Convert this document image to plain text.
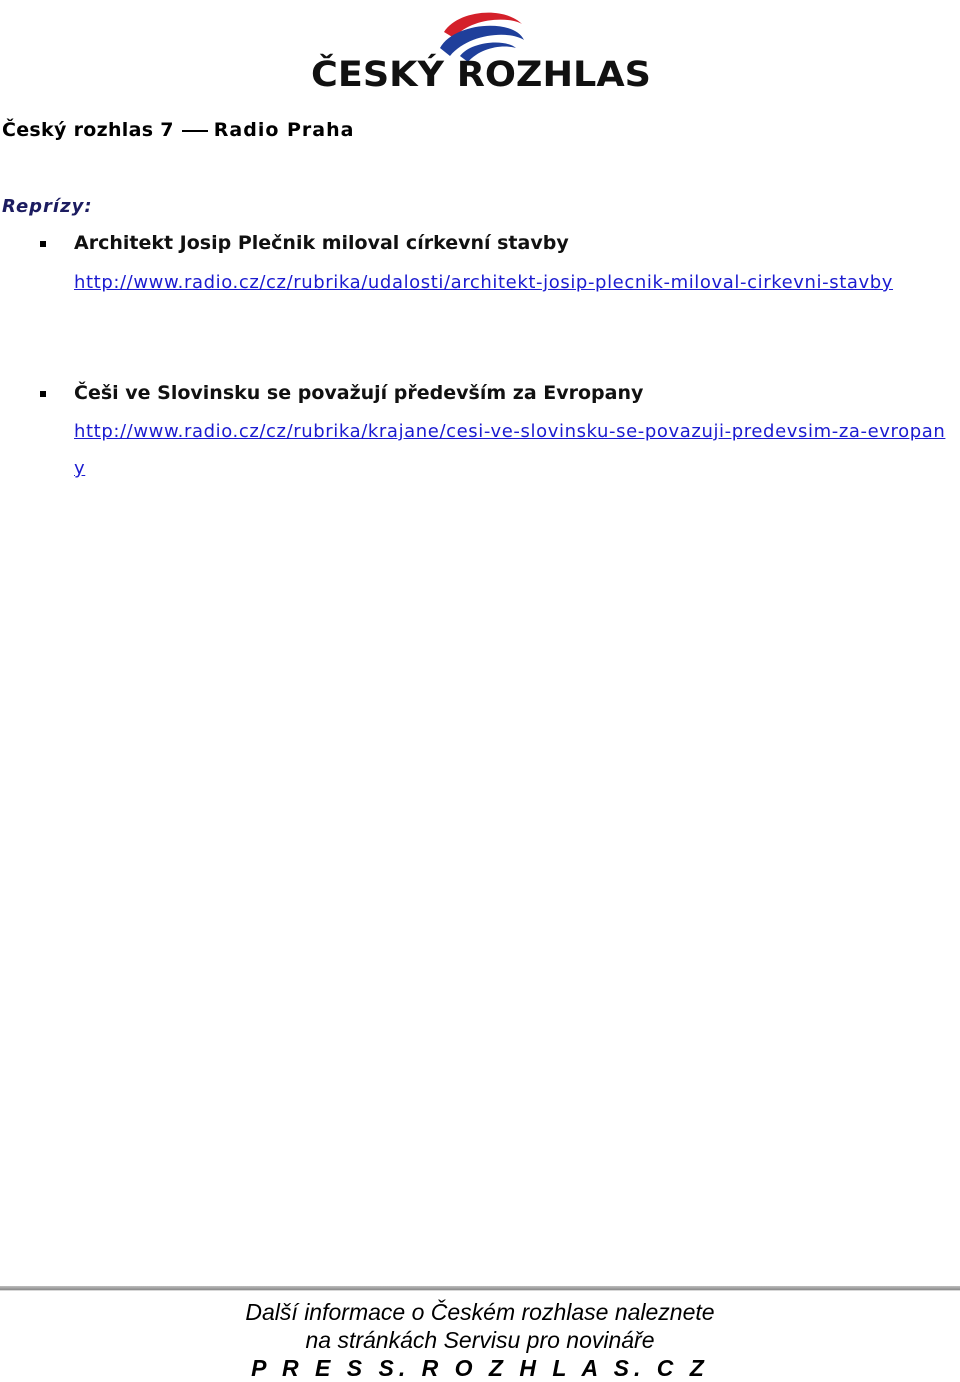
ČESKÝ ROZHLAS
Český rozhlas 7 Radio Praha
Reprízy:
Architekt Josip Plečnik miloval církevní stavby
http://www.radio.cz/cz/rubrika/udalosti/architekt-josip-plecnik-miloval-cirkevni-stavby
Češi ve Slovinsku se považují především za Evropany
http://www.radio.cz/cz/rubrika/krajane/cesi-ve-slovinsku-se-povazuji-predevsim-za-evropany
Další informace o Českém rozhlase naleznete
na stránkách Servisu pro novináře
P R E S S. R O Z H L A S. C Z
